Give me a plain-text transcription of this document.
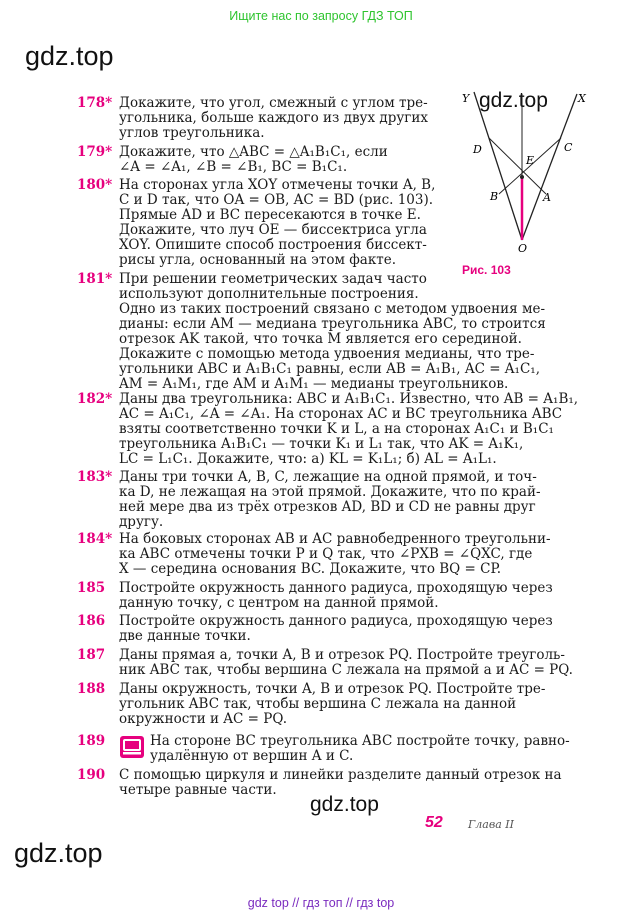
Ищите нас по запросу ГДЗ ТОП
gdz.top
gdz.top
gdz.top
gdz.top
Y	X
D	C
E
B	A
O
Рис. 103
178* Докажите, что угол, смежный с углом тре-
угольника, больше каждого из двух других
углов треугольника.
179* Докажите, что △ABC = △A₁B₁C₁, если
∠A = ∠A₁, ∠B = ∠B₁, BC = B₁C₁.
180* На сторонах угла XOY отмечены точки A, B,
C и D так, что OA = OB, AC = BD (рис. 103).
Прямые AD и BC пересекаются в точке E.
Докажите, что луч OE — биссектриса угла
XOY. Опишите способ построения биссект-
рисы угла, основанный на этом факте.
181* При решении геометрических задач часто
используют дополнительные построения.
Одно из таких построений связано с методом удвоения ме-
дианы: если AM — медиана треугольника ABC, то строится
отрезок AK такой, что точка M является его серединой.
Докажите с помощью метода удвоения медианы, что тре-
угольники ABC и A₁B₁C₁ равны, если AB = A₁B₁, AC = A₁C₁,
AM = A₁M₁, где AM и A₁M₁ — медианы треугольников.
182* Даны два треугольника: ABC и A₁B₁C₁. Известно, что AB = A₁B₁,
AC = A₁C₁, ∠A = ∠A₁. На сторонах AC и BC треугольника ABC
взяты соответственно точки K и L, а на сторонах A₁C₁ и B₁C₁
треугольника A₁B₁C₁ — точки K₁ и L₁ так, что AK = A₁K₁,
LC = L₁C₁. Докажите, что: а) KL = K₁L₁; б) AL = A₁L₁.
183* Даны три точки A, B, C, лежащие на одной прямой, и точ-
ка D, не лежащая на этой прямой. Докажите, что по край-
ней мере два из трёх отрезков AD, BD и CD не равны друг
другу.
184* На боковых сторонах AB и AC равнобедренного треугольни-
ка ABC отмечены точки P и Q так, что ∠PXB = ∠QXC, где
X — середина основания BC. Докажите, что BQ = CP.
185	Постройте окружность данного радиуса, проходящую через
данную точку, с центром на данной прямой.
186	Постройте окружность данного радиуса, проходящую через
две данные точки.
187	Даны прямая a, точки A, B и отрезок PQ. Постройте треуголь-
ник ABC так, чтобы вершина C лежала на прямой a и AC = PQ.
188	Даны окружность, точки A, B и отрезок PQ. Постройте тре-
угольник ABC так, чтобы вершина C лежала на данной
окружности и AC = PQ.
189	На стороне BC треугольника ABC постройте точку, равно-
удалённую от вершин A и C.
190	С помощью циркуля и линейки разделите данный отрезок на
четыре равные части.
52 Глава II
gdz top // гдз топ // гдз top
